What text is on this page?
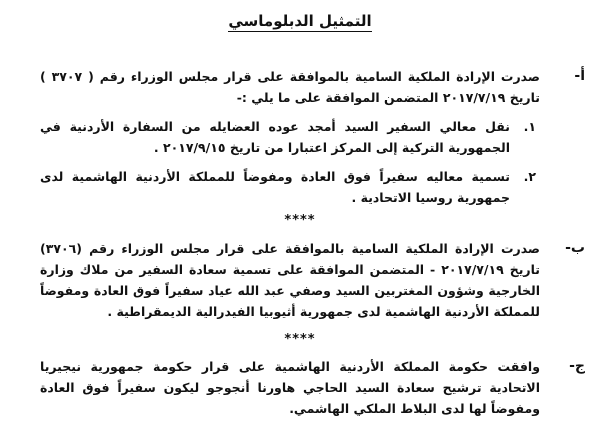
التمثيل الدبلوماسي
أ-
صدرت الإرادة الملكية السامية بالموافقة على قرار مجلس الوزراء رقم ( ٣٧٠٧ ) تاريخ ٢٠١٧/٧/١٩ المتضمن الموافقة على ما يلي :-
١.
نقل معالي السفير السيد أمجد عوده العضايله من السفارة الأردنية في الجمهورية التركية إلى المركز اعتبارا من تاريخ ٢٠١٧/٩/١٥ .
٢.
تسمية معاليه سفيراً فوق العادة ومفوضاً للمملكة الأردنية الهاشمية لدى جمهورية روسيا الاتحادية .
****
ب-
صدرت الإرادة الملكية السامية بالموافقة على قرار مجلس الوزراء رقم (٣٧٠٦) تاريخ ٢٠١٧/٧/١٩ - المتضمن الموافقة على تسمية سعادة السفير من ملاك وزارة الخارجية وشؤون المغتربين السيد وصفي عبد الله عياد سفيراً فوق العادة ومفوضاً للمملكة الأردنية الهاشمية لدى جمهورية أثيوبيا الفيدرالية الديمقراطية .
****
ج-
وافقت حكومة المملكة الأردنية الهاشمية على قرار حكومة جمهورية نيجيريا الاتحادية ترشيح سعادة السيد الحاجي هاورنا أنجوجو ليكون سفيراً فوق العادة ومفوضاً لها لدى البلاط الملكي الهاشمي.
